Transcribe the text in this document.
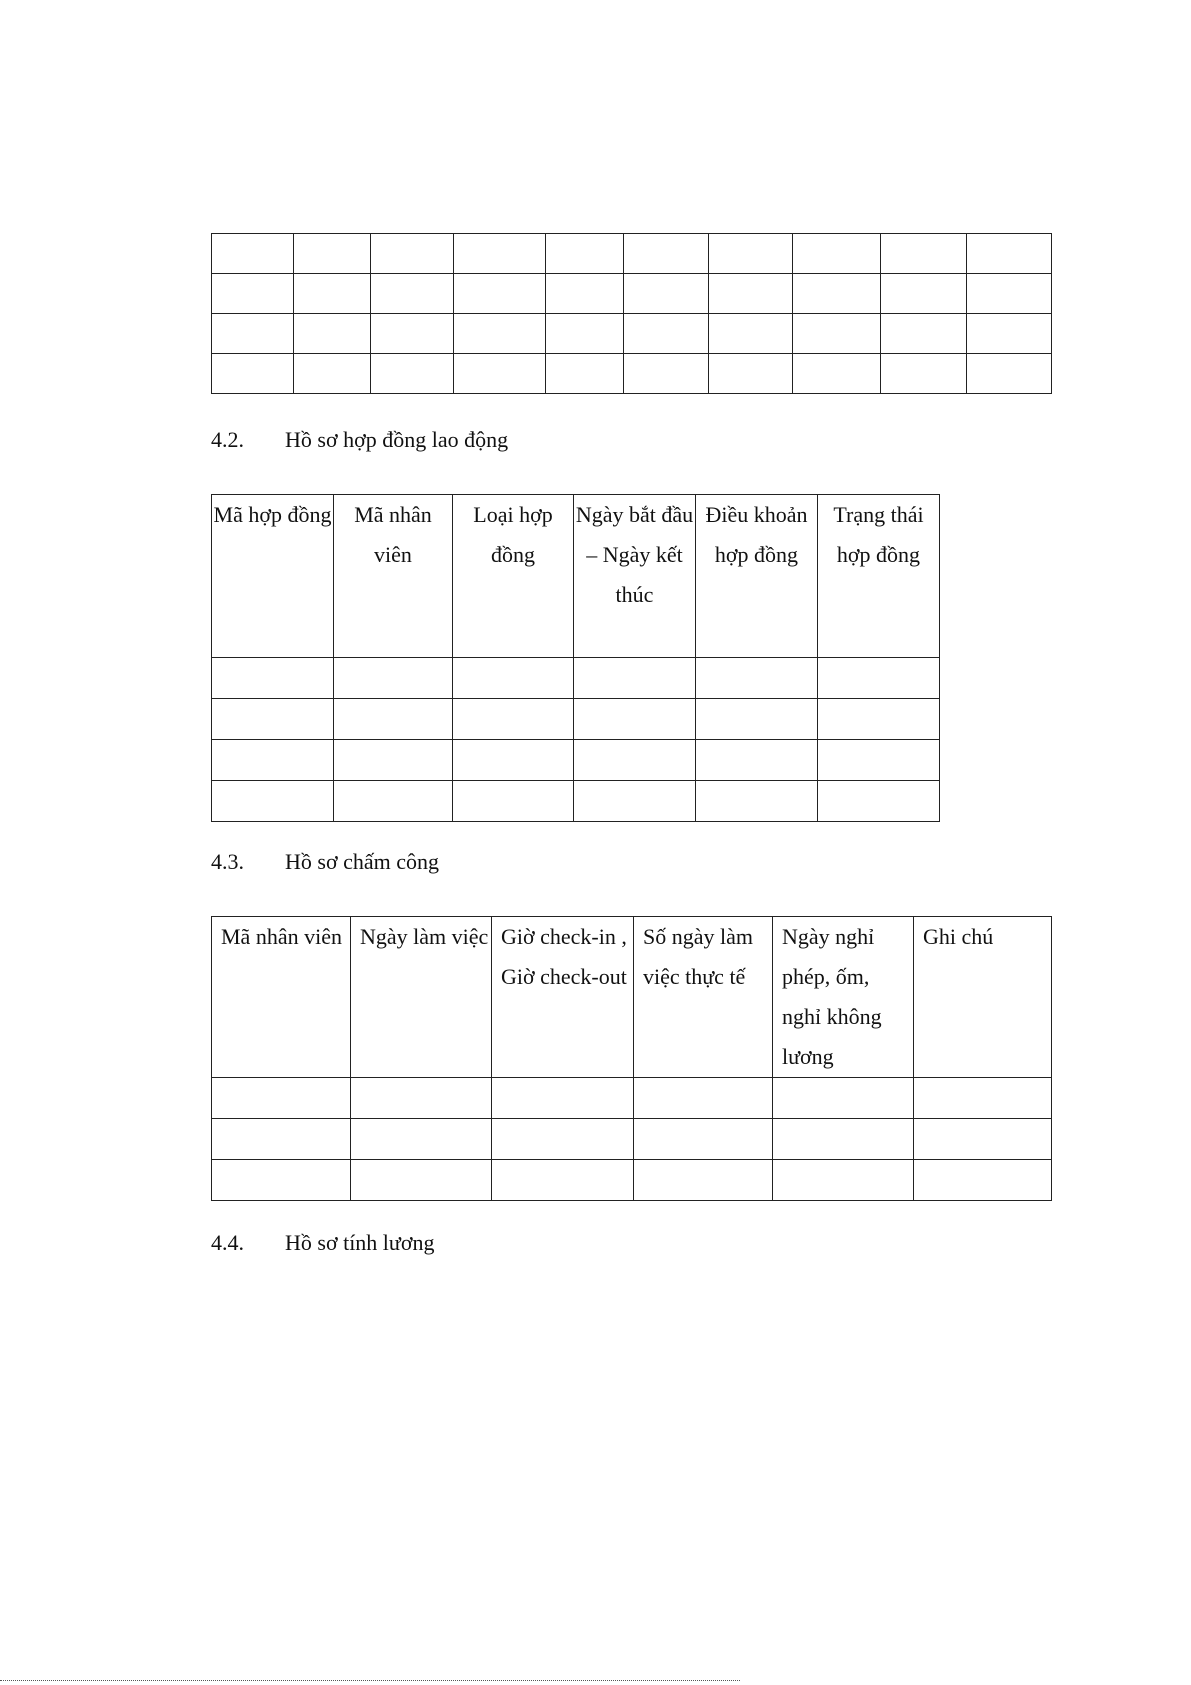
4.2. Hồ sơ hợp đồng lao động
Mã hợp đồng	Mã nhân viên	Loại hợp đồng	Ngày bắt đầu – Ngày kết thúc	Điều khoản hợp đồng	Trạng thái hợp đồng

4.3. Hồ sơ chấm công
Mã nhân viên	Ngày làm việc	Giờ check-in , Giờ check-out	Số ngày làm việc thực tế	Ngày nghỉ phép, ốm, nghỉ không lương	Ghi chú

4.4. Hồ sơ tính lương
